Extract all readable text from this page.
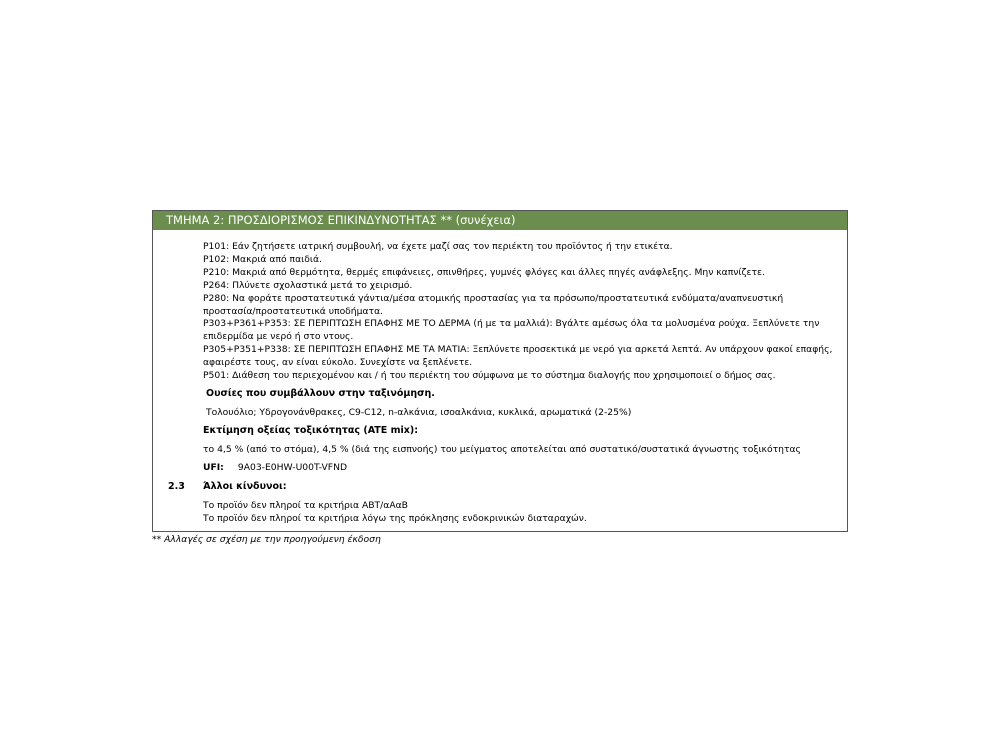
ΤΜΗΜΑ 2: ΠΡΟΣΔΙΟΡΙΣΜΟΣ ΕΠΙΚΙΝΔΥΝΟΤΗΤΑΣ ** (συνέχεια)

P101: Εάν ζητήσετε ιατρική συμβουλή, να έχετε μαζί σας τον περιέκτη του προϊόντος ή την ετικέτα.

P102: Μακριά από παιδιά.

P210: Μακριά από θερμότητα, θερμές επιφάνειες, σπινθήρες, γυμνές φλόγες και άλλες πηγές ανάφλεξης. Μην καπνίζετε.

P264: Πλύνετε σχολαστικά μετά το χειρισμό.

P280: Να φοράτε προστατευτικά γάντια/μέσα ατομικής προστασίας για τα πρόσωπο/προστατευτικά ενδύματα/αναπνευστική προστασία/προστατευτικά υποδήματα.

P303+P361+P353: ΣΕ ΠΕΡΙΠΤΩΣΗ ΕΠΑΦΗΣ ΜΕ ΤΟ ΔΕΡΜΑ (ή με τα μαλλιά): Βγάλτε αμέσως όλα τα μολυσμένα ρούχα. Ξεπλύνετε την επιδερμίδα με νερό ή στο ντους.

P305+P351+P338: ΣΕ ΠΕΡΙΠΤΩΣΗ ΕΠΑΦΗΣ ΜΕ ΤΑ ΜΑΤΙΑ: Ξεπλύνετε προσεκτικά με νερό για αρκετά λεπτά. Αν υπάρχουν φακοί επαφής, αφαιρέστε τους, αν είναι εύκολο. Συνεχίστε να ξεπλένετε.

P501: Διάθεση του περιεχομένου και / ή του περιέκτη του σύμφωνα με το σύστημα διαλογής που χρησιμοποιεί ο δήμος σας.

Ουσίες που συμβάλλουν στην ταξινόμηση.
Τολουόλιο; Υδρογονάνθρακες, C9-C12, n-αλκάνια, ισοαλκάνια, κυκλικά, αρωματικά (2-25%)
Εκτίμηση οξείας τοξικότητας (ATE mix):
το 4,5 % (από το στόμα), 4,5 % (διά της εισπνοής) του μείγματος αποτελείται από συστατικό/συστατικά άγνωστης τοξικότητας
UFI: 9A03-E0HW-U00T-VFND
2.3 Άλλοι κίνδυνοι:
Το προϊόν δεν πληροί τα κριτήρια ΑΒΤ/αΑαΒ
Το προϊόν δεν πληροί τα κριτήρια λόγω της πρόκλησης ενδοκρινικών διαταραχών.
** Αλλαγές σε σχέση με την προηγούμενη έκδοση
